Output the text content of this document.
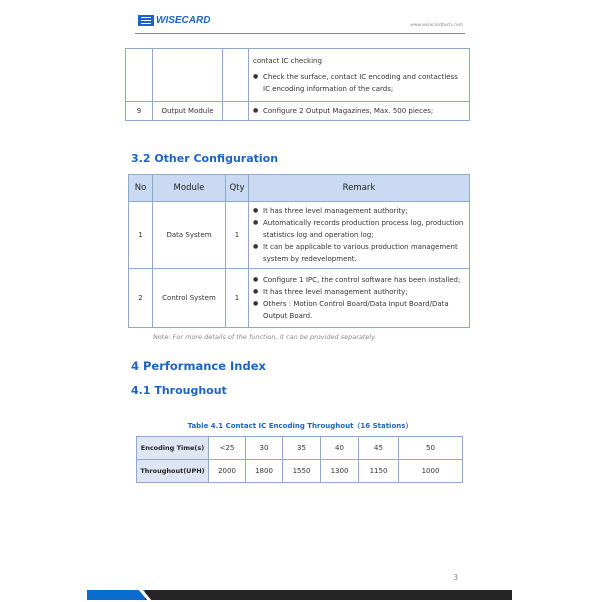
WISECARD	www.wisecardtech.com

			contact IC checking
● Check the surface, contact IC encoding and contactless IC encoding information of the cards;

9	Output Module		● Configure 2 Output Magazines, Max. 500 pieces;
3.2 Other Configuration
No	Module	Qty	Remark
1	Data System	1	● It has three level management authority;
● Automatically records production process log, production statistics log and operation log;
● It can be applicable to various production management system by redevelopment.

2	Control System	1	● Configure 1 IPC, the control software has been installed;
● It has three level management authority;
● Others : Motion Control Board/Data Input Board/Data Output Board.
Note: For more details of the function, it can be provided separately.
4 Performance Index
4.1 Throughout
Table 4.1 Contact IC Encoding Throughout（16 Stations）
Encoding Time(s)	<25	30	35	40	45	50
Throughout(UPH)	2000	1800	1550	1300	1150	1000
3
